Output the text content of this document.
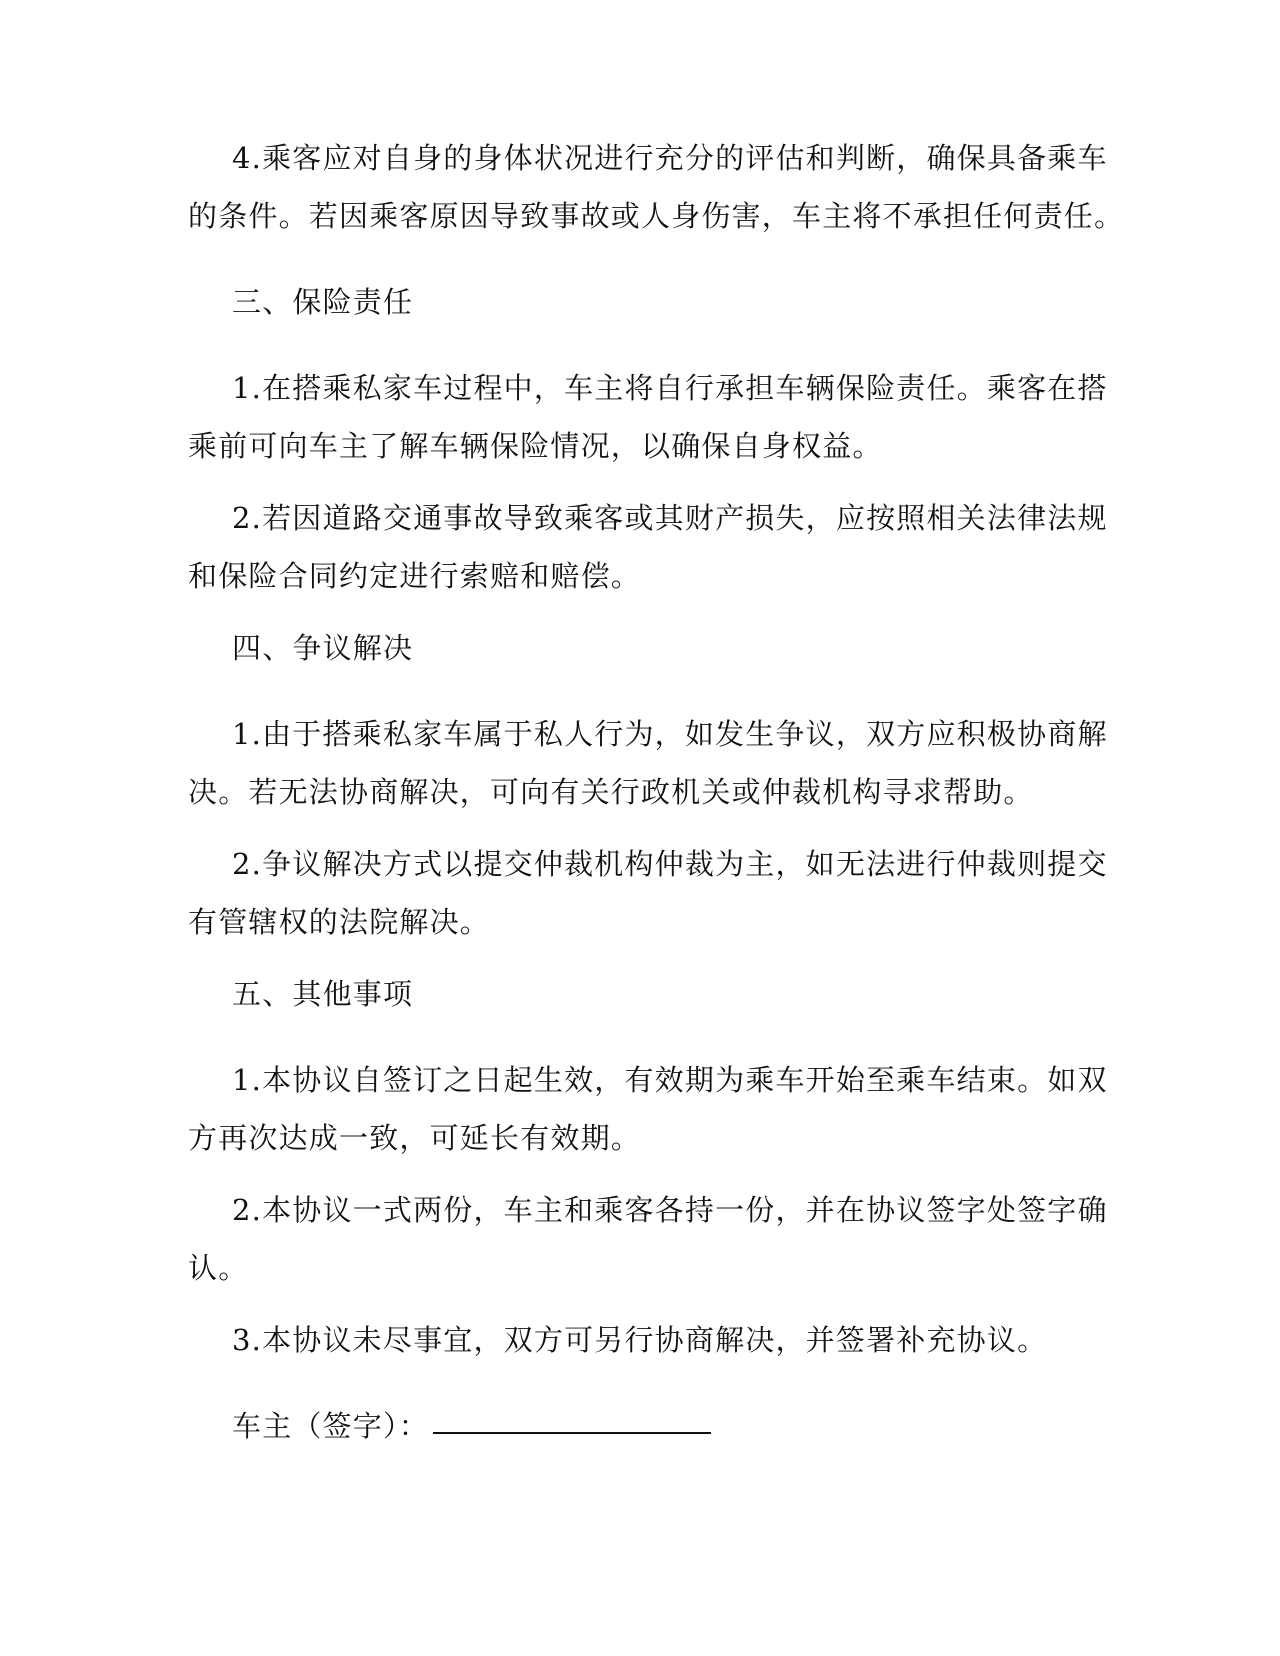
4.乘客应对自身的身体状况进行充分的评估和判断，确保具备乘车
的条件。若因乘客原因导致事故或人身伤害，车主将不承担任何责任。
三、保险责任
1.在搭乘私家车过程中，车主将自行承担车辆保险责任。乘客在搭
乘前可向车主了解车辆保险情况，以确保自身权益。
2.若因道路交通事故导致乘客或其财产损失，应按照相关法律法规
和保险合同约定进行索赔和赔偿。
四、争议解决
1.由于搭乘私家车属于私人行为，如发生争议，双方应积极协商解
决。若无法协商解决，可向有关行政机关或仲裁机构寻求帮助。
2.争议解决方式以提交仲裁机构仲裁为主，如无法进行仲裁则提交
有管辖权的法院解决。
五、其他事项
1.本协议自签订之日起生效，有效期为乘车开始至乘车结束。如双
方再次达成一致，可延长有效期。
2.本协议一式两份，车主和乘客各持一份，并在协议签字处签字确
认。
3.本协议未尽事宜，双方可另行协商解决，并签署补充协议。
车主（签字）：
